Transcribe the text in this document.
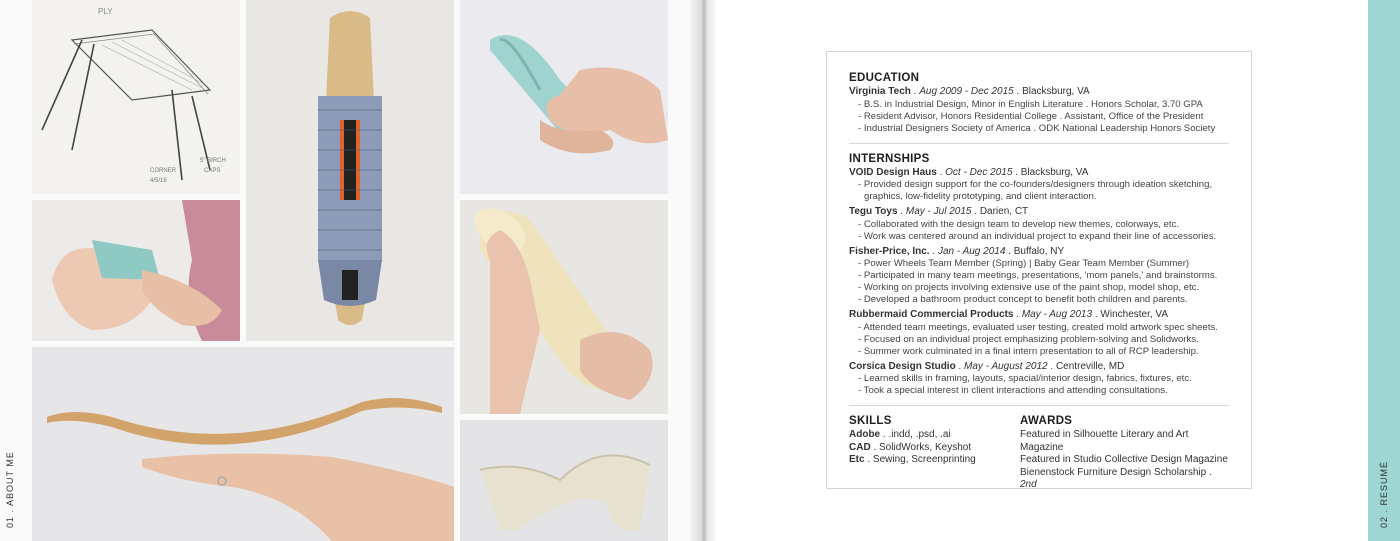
PLY
5" BIRCH
CAPS
CORNER
4/5/16
01 . ABOUT ME	02 . RESUMÉ
EDUCATION
Virginia Tech . Aug 2009 - Dec 2015 . Blacksburg, VA
- B.S. in Industrial Design, Minor in English Literature . Honors Scholar, 3.70 GPA
- Resident Advisor, Honors Residential College . Assistant, Office of the President
- Industrial Designers Society of America . ODK National Leadership Honors Society
INTERNSHIPS
VOID Design Haus . Oct - Dec 2015 . Blacksburg, VA
- Provided design support for the co-founders/designers through ideation sketching,
graphics, low-fidelity prototyping, and client interaction.
Tegu Toys . May - Jul 2015 . Darien, CT
- Collaborated with the design team to develop new themes, colorways, etc.
- Work was centered around an individual project to expand their line of accessories.
Fisher-Price, Inc. . Jan - Aug 2014 . Buffalo, NY
- Power Wheels Team Member (Spring) | Baby Gear Team Member (Summer)
- Participated in many team meetings, presentations, 'mom panels,' and brainstorms.
- Working on projects involving extensive use of the paint shop, model shop, etc.
- Developed a bathroom product concept to benefit both children and parents.
Rubbermaid Commercial Products . May - Aug 2013 . Winchester, VA
- Attended team meetings, evaluated user testing, created mold artwork spec sheets.
- Focused on an individual project emphasizing problem-solving and Solidworks.
- Summer work culminated in a final intern presentation to all of RCP leadership.
Corsica Design Studio . May - August 2012 . Centreville, MD
- Learned skills in framing, layouts, spacial/interior design, fabrics, fixtures, etc.
- Took a special interest in client interactions and attending consultations.
SKILLS
Adobe . .indd, .psd, .ai
CAD . SolidWorks, Keyshot
Etc . Sewing, Screenprinting
AWARDS
Featured in Silhouette Literary and Art Magazine
Featured in Studio Collective Design Magazine
Bienenstock Furniture Design Scholarship . 2nd
